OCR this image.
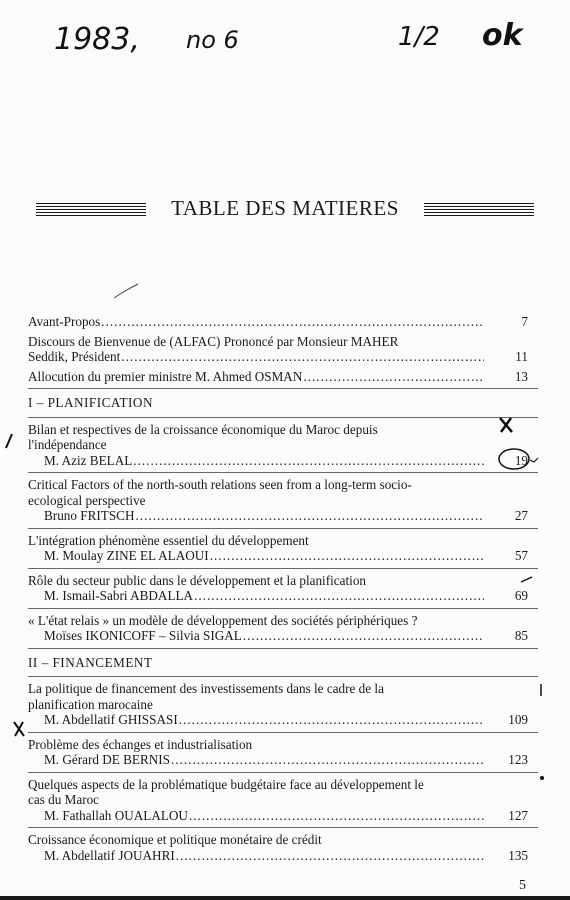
1983, no 6	1/2 ok
TABLE DES MATIERES
Avant-Propos .....	7
Discours de Bienvenue de (ALFAC) Prononcé par Monsieur MAHER
Seddik, Président .....	11
Allocution du premier ministre M. Ahmed OSMAN .....	13
I – PLANIFICATION
Bilan et respectives de la croissance économique du Maroc depuis
l'indépendance
M. Aziz BELAL .....	19
Critical Factors of the north-south relations seen from a long-term socio-
ecological perspective
Bruno FRITSCH .....	27
L'intégration phénomène essentiel du développement
M. Moulay ZINE EL ALAOUI .....	57
Rôle du secteur public dans le développement et la planification
M. Ismail-Sabri ABDALLA .....	69
« L'état relais » un modèle de développement des sociétés périphériques ?
Moïses IKONICOFF – Silvia SIGAL .....	85
II – FINANCEMENT
La politique de financement des investissements dans le cadre de la
planification marocaine
M. Abdellatif GHISSASI .....	109
Problème des échanges et industrialisation
M. Gérard DE BERNIS .....	123
Quelques aspects de la problématique budgétaire face au développement le
cas du Maroc
M. Fathallah OUALALOU .....	127
Croissance économique et politique monétaire de crédit
M. Abdellatif JOUAHRI .....	135
5
